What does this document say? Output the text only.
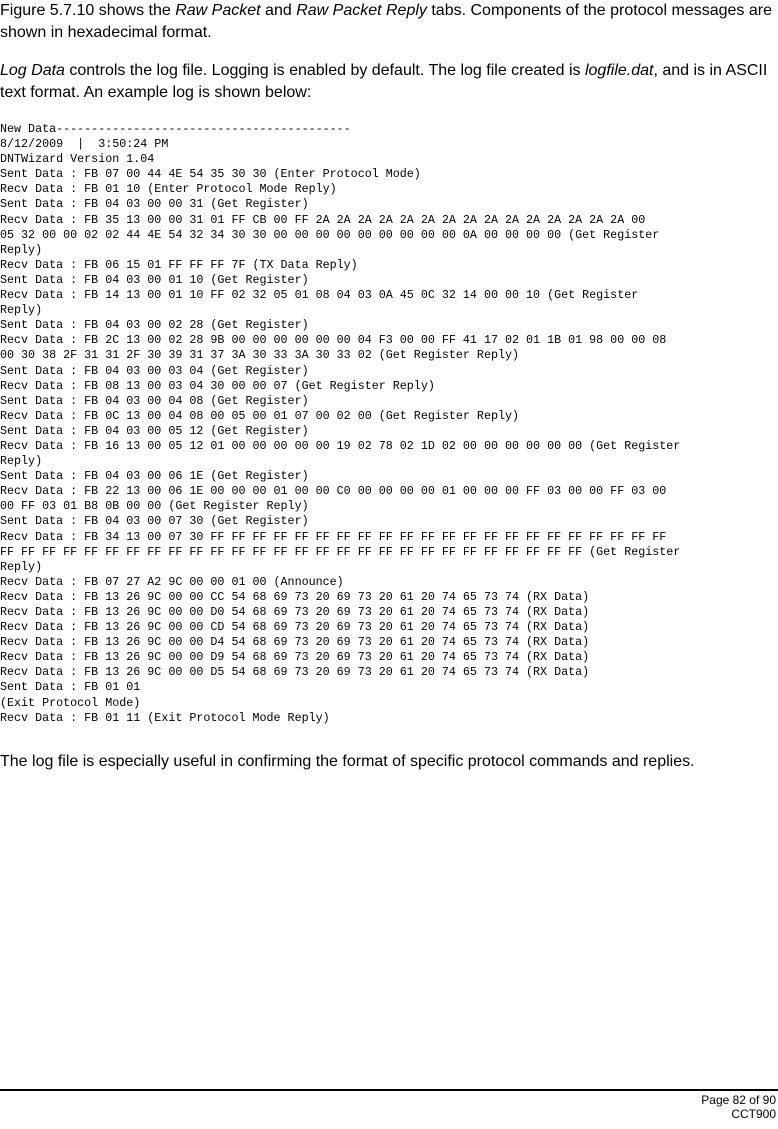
Figure 5.7.10 shows the Raw Packet and Raw Packet Reply tabs. Components of the protocol messages are shown in hexadecimal format.

Log Data controls the log file. Logging is enabled by default. The log file created is logfile.dat, and is in ASCII text format. An example log is shown below:

New Data------------------------------------------
8/12/2009  |  3:50:24 PM
DNTWizard Version 1.04
Sent Data : FB 07 00 44 4E 54 35 30 30 (Enter Protocol Mode)
Recv Data : FB 01 10 (Enter Protocol Mode Reply)
Sent Data : FB 04 03 00 00 31 (Get Register)
Recv Data : FB 35 13 00 00 31 01 FF CB 00 FF 2A 2A 2A 2A 2A 2A 2A 2A 2A 2A 2A 2A 2A 2A 2A 00
05 32 00 00 02 02 44 4E 54 32 34 30 30 00 00 00 00 00 00 00 00 00 0A 00 00 00 00 (Get Register
Reply)
Recv Data : FB 06 15 01 FF FF FF 7F (TX Data Reply)
Sent Data : FB 04 03 00 01 10 (Get Register)
Recv Data : FB 14 13 00 01 10 FF 02 32 05 01 08 04 03 0A 45 0C 32 14 00 00 10 (Get Register
Reply)
Sent Data : FB 04 03 00 02 28 (Get Register)
Recv Data : FB 2C 13 00 02 28 9B 00 00 00 00 00 00 04 F3 00 00 FF 41 17 02 01 1B 01 98 00 00 08
00 30 38 2F 31 31 2F 30 39 31 37 3A 30 33 3A 30 33 02 (Get Register Reply)
Sent Data : FB 04 03 00 03 04 (Get Register)
Recv Data : FB 08 13 00 03 04 30 00 00 07 (Get Register Reply)
Sent Data : FB 04 03 00 04 08 (Get Register)
Recv Data : FB 0C 13 00 04 08 00 05 00 01 07 00 02 00 (Get Register Reply)
Sent Data : FB 04 03 00 05 12 (Get Register)
Recv Data : FB 16 13 00 05 12 01 00 00 00 00 00 19 02 78 02 1D 02 00 00 00 00 00 00 (Get Register
Reply)
Sent Data : FB 04 03 00 06 1E (Get Register)
Recv Data : FB 22 13 00 06 1E 00 00 00 01 00 00 C0 00 00 00 00 01 00 00 00 FF 03 00 00 FF 03 00
00 FF 03 01 B8 0B 00 00 (Get Register Reply)
Sent Data : FB 04 03 00 07 30 (Get Register)
Recv Data : FB 34 13 00 07 30 FF FF FF FF FF FF FF FF FF FF FF FF FF FF FF FF FF FF FF FF FF FF
FF FF FF FF FF FF FF FF FF FF FF FF FF FF FF FF FF FF FF FF FF FF FF FF FF FF FF FF (Get Register
Reply)
Recv Data : FB 07 27 A2 9C 00 00 01 00 (Announce)
Recv Data : FB 13 26 9C 00 00 CC 54 68 69 73 20 69 73 20 61 20 74 65 73 74 (RX Data)
Recv Data : FB 13 26 9C 00 00 D0 54 68 69 73 20 69 73 20 61 20 74 65 73 74 (RX Data)
Recv Data : FB 13 26 9C 00 00 CD 54 68 69 73 20 69 73 20 61 20 74 65 73 74 (RX Data)
Recv Data : FB 13 26 9C 00 00 D4 54 68 69 73 20 69 73 20 61 20 74 65 73 74 (RX Data)
Recv Data : FB 13 26 9C 00 00 D9 54 68 69 73 20 69 73 20 61 20 74 65 73 74 (RX Data)
Recv Data : FB 13 26 9C 00 00 D5 54 68 69 73 20 69 73 20 61 20 74 65 73 74 (RX Data)
Sent Data : FB 01 01
(Exit Protocol Mode)
Recv Data : FB 01 11 (Exit Protocol Mode Reply)

The log file is especially useful in confirming the format of specific protocol commands and replies.

Page 82 of 90
CCT900
